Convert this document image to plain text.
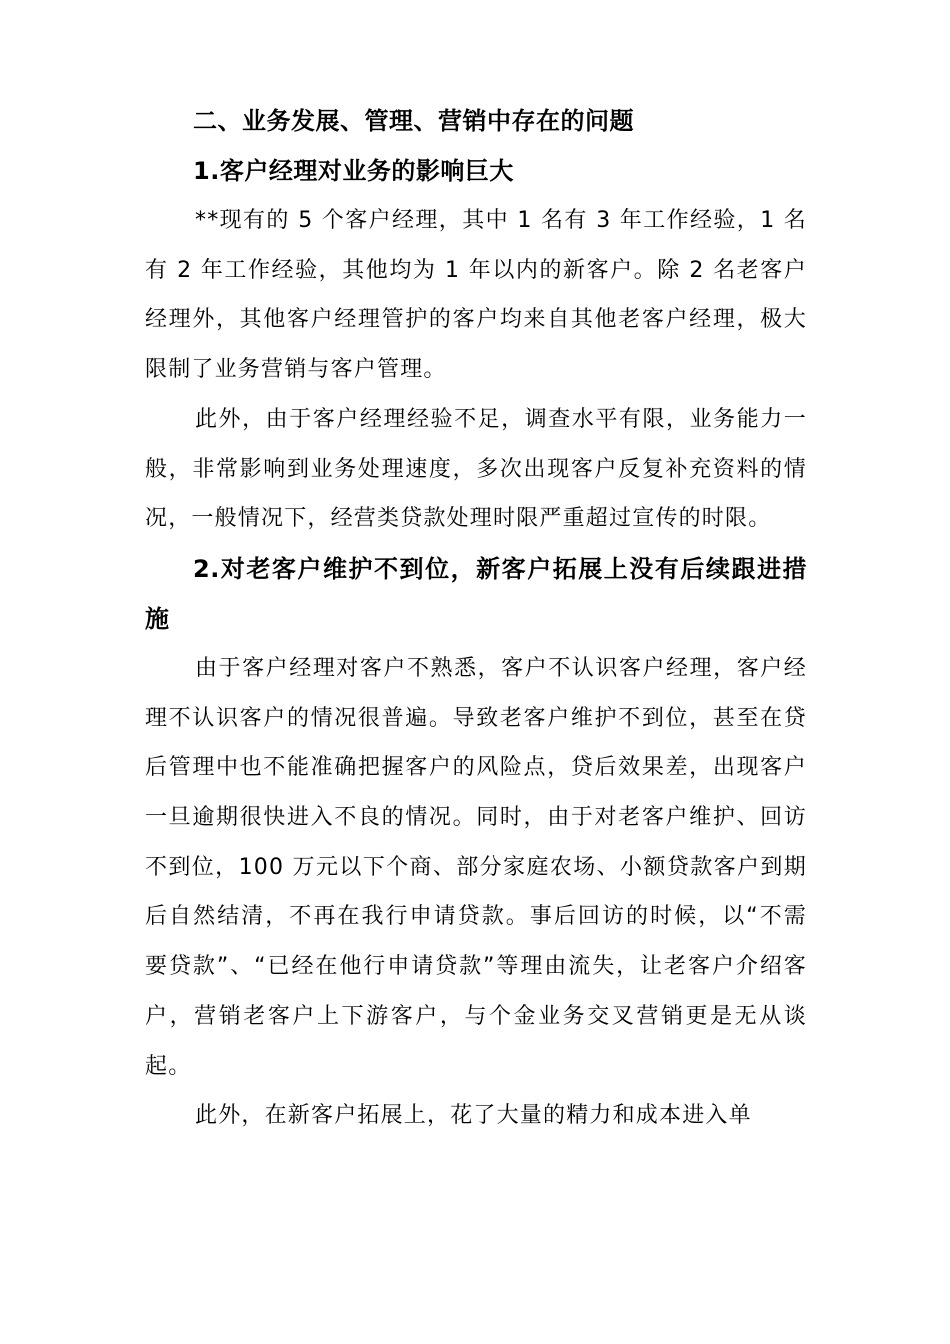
二、业务发展、管理、营销中存在的问题
1.客户经理对业务的影响巨大

**现有的 5 个客户经理，其中 1 名有 3 年工作经验，1 名有 2 年工作经验，其他均为 1 年以内的新客户。除 2 名老客户经理外，其他客户经理管护的客户均来自其他老客户经理，极大限制了业务营销与客户管理。

此外，由于客户经理经验不足，调查水平有限，业务能力一般，非常影响到业务处理速度，多次出现客户反复补充资料的情况，一般情况下，经营类贷款处理时限严重超过宣传的时限。

2.对老客户维护不到位，新客户拓展上没有后续跟进措施

由于客户经理对客户不熟悉，客户不认识客户经理，客户经理不认识客户的情况很普遍。导致老客户维护不到位，甚至在贷后管理中也不能准确把握客户的风险点，贷后效果差，出现客户一旦逾期很快进入不良的情况。同时，由于对老客户维护、回访不到位，100 万元以下个商、部分家庭农场、小额贷款客户到期后自然结清，不再在我行申请贷款。事后回访的时候，以“不需要贷款”、“已经在他行申请贷款”等理由流失，让老客户介绍客户，营销老客户上下游客户，与个金业务交叉营销更是无从谈起。

此外，在新客户拓展上，花了大量的精力和成本进入单
